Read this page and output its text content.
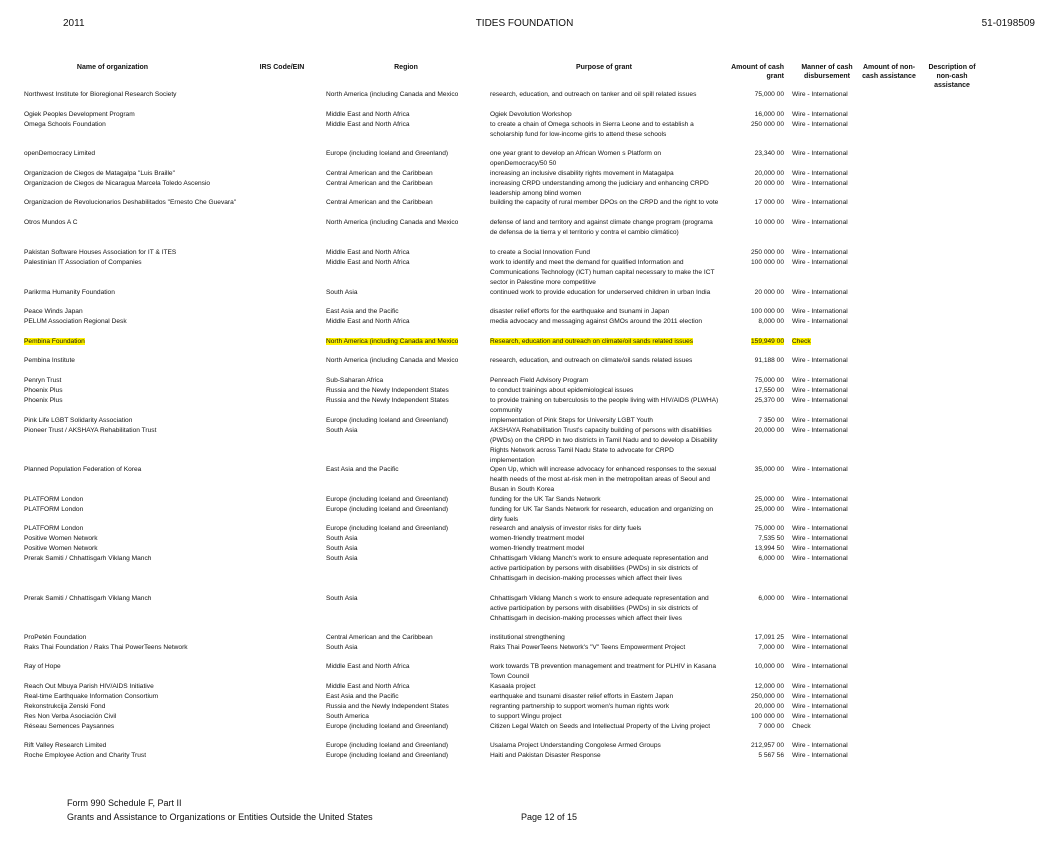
2011	TIDES FOUNDATION	51-0198509
Name of organization	IRS Code/EIN	Region	Purpose of grant	Amount of cash grant
Manner of cash disbursement
Amount of non-cash assistance
Description of non-cash assistance
Northwest Institute for Bioregional Research Society	North America (including Canada and Mexico	research, education, and outreach on tanker and oil spill related issues	75,000 00 Wire - International
Ogiek Peoples Development Program	Middle East and North Africa	Ogiek Devolution Workshop	16,000 00 Wire - International
Omega Schools Foundation	Middle East and North Africa	to create a chain of Omega schools in Sierra Leone and to establish a scholarship fund for low-income girls to attend these schools
250 000 00 Wire - International
openDemocracy Limited	Europe (including Iceland and Greenland)	one year grant to develop an African Women s Platform on openDemocracy/50 50
23,340 00 Wire - International
Organizacion de Ciegos de Matagalpa "Luis Braille"	Central American and the Caribbean	increasing an inclusive disability rights movement in Matagalpa	20,000 00 Wire - International
Organizacion de Ciegos de Nicaragua Marcela Toledo Ascensio	Central American and the Caribbean	increasing CRPD understanding among the judiciary and enhancing CRPD leadership among blind women
20 000 00 Wire - International
Organizacion de Revolucionarios Deshabilitados "Ernesto Che Guevara"	Central American and the Caribbean	building the capacity of rural member DPOs on the CRPD and the right to vote	17 000 00 Wire - International
Otros Mundos A C	North America (including Canada and Mexico	defense of land and territory and against climate change program (programa de defensa de la tierra y el territorio y contra el cambio climático)
10 000 00 Wire - International
Pakistan Software Houses Association for IT & ITES	Middle East and North Africa	to create a Social Innovation Fund	250 000 00 Wire - International
Palestinian IT Association of Companies	Middle East and North Africa	work to identify and meet the demand for qualified Information and Communications Technology (ICT) human capital necessary to make the ICT sector in Palestine more competitive
100 000 00 Wire - International
Parikrma Humanity Foundation	South Asia	continued work to provide education for underserved children in urban India	20 000 00 Wire - International
Peace Winds Japan	East Asia and the Pacific	disaster relief efforts for the earthquake and tsunami in Japan	100 000 00 Wire - International
PELUM Association Regional Desk	Middle East and North Africa	media advocacy and messaging against GMOs around the 2011 election	8,000 00 Wire - International
Pembina Foundation	North America (including Canada and Mexico	Research, education and outreach on climate/oil sands related issues	159,949 00 Check
Pembina Institute	North America (including Canada and Mexico	research, education, and outreach on climate/oil sands related issues	91,188 00 Wire - International
Penryn Trust	Sub-Saharan Africa	Penreach Field Advisory Program	75,000 00 Wire - International
Phoenix Plus	Russia and the Newly Independent States	to conduct trainings about epidemiological issues	17,550 00 Wire - International
Phoenix Plus	Russia and the Newly Independent States	to provide training on tuberculosis to the people living with HIV/AIDS (PLWHA) community
25,370 00 Wire - International
Pink Life LGBT Solidarity Association	Europe (including Iceland and Greenland)	implementation of Pink Steps for University LGBT Youth	7 350 00 Wire - International
Pioneer Trust / AKSHAYA Rehabilitation Trust	South Asia	AKSHAYA Rehabilitation Trust's capacity building of persons with disabilities (PWDs) on the CRPD in two districts in Tamil Nadu and to develop a Disability Rights Network across Tamil Nadu State to advocate for CRPD implementation
20,000 00 Wire - International
Planned Population Federation of Korea	East Asia and the Pacific	Open Up, which will increase advocacy for enhanced responses to the sexual health needs of the most at-risk men in the metropolitan areas of Seoul and Busan in South Korea
35,000 00 Wire - International
PLATFORM London	Europe (including Iceland and Greenland)	funding for the UK Tar Sands Network	25,000 00 Wire - International
PLATFORM London	Europe (including Iceland and Greenland)	funding for UK Tar Sands Network for research, education and organizing on dirty fuels
25,000 00 Wire - International
PLATFORM London	Europe (including Iceland and Greenland)	research and analysis of investor risks for dirty fuels	75,000 00 Wire - International
Positive Women Network	South Asia	women-friendly treatment model	7,535 50 Wire - International
Positive Women Network	South Asia	women-friendly treatment model	13,994 50 Wire - International
Prerak Samiti / Chhattisgarh Viklang Manch	South Asia	Chhattisgarh Viklang Manch's work to ensure adequate representation and active participation by persons with disabilities (PWDs) in six districts of Chhattisgarh in decision-making processes which affect their lives
6,000 00 Wire - International
Prerak Samiti / Chhattisgarh Viklang Manch	South Asia	Chhattisgarh Viklang Manch s work to ensure adequate representation and active participation by persons with disabilities (PWDs) in six districts of Chhattisgarh in decision-making processes which affect their lives
6,000 00 Wire - International
ProPetén Foundation	Central American and the Caribbean	institutional strengthening	17,091 25 Wire - International
Raks Thai Foundation / Raks Thai PowerTeens Network	South Asia	Raks Thai PowerTeens Network's "V" Teens Empowerment Project	7,000 00 Wire - International
Ray of Hope	Middle East and North Africa	work towards TB prevention management and treatment for PLHIV in Kasana Town Council
10,000 00 Wire - International
Reach Out Mbuya Parish HIV/AIDS Initiative	Middle East and North Africa	Kasaala project	12,000 00 Wire - International
Real-time Earthquake Information Consortium	East Asia and the Pacific	earthquake and tsunami disaster relief efforts in Eastern Japan	250,000 00 Wire - International
Rekonstrukcija Zenski Fond	Russia and the Newly Independent States	regranting partnership to support women's human rights work	20,000 00 Wire - International
Res Non Verba Asociación Civil	South America	to support Wingu project	100 000 00 Wire - International
Réseau Semences Paysannes	Europe (including Iceland and Greenland)	Citizen Legal Watch on Seeds and Intellectual Property of the Living project	7 000 00 Check
Rift Valley Research Limited	Europe (including Iceland and Greenland)	Usalama Project Understanding Congolese Armed Groups	212,957 00 Wire - International
Roche Employee Action and Charity Trust	Europe (including Iceland and Greenland)	Haiti and Pakistan Disaster Response	5 567 56 Wire - International
Form 990 Schedule F, Part II
Grants and Assistance to Organizations or Entities Outside the United States	Page 12 of 15
